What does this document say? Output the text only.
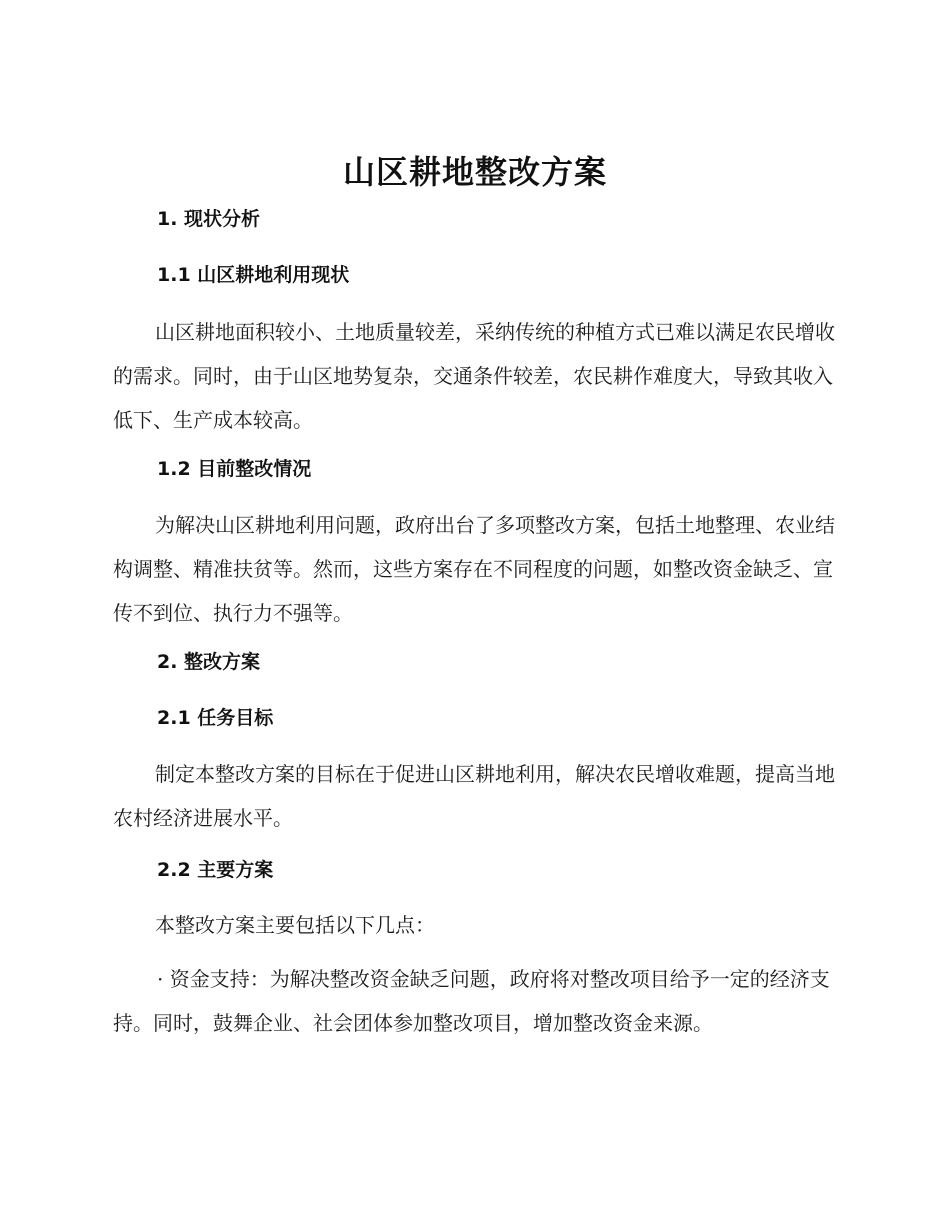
山区耕地整改方案
1. 现状分析
1.1 山区耕地利用现状
山区耕地面积较小、土地质量较差，采纳传统的种植方式已难以满足农民增收的需求。同时，由于山区地势复杂，交通条件较差，农民耕作难度大，导致其收入低下、生产成本较高。
1.2 目前整改情况
为解决山区耕地利用问题，政府出台了多项整改方案，包括土地整理、农业结构调整、精准扶贫等。然而，这些方案存在不同程度的问题，如整改资金缺乏、宣传不到位、执行力不强等。
2. 整改方案
2.1 任务目标
制定本整改方案的目标在于促进山区耕地利用，解决农民增收难题，提高当地农村经济进展水平。
2.2 主要方案
本整改方案主要包括以下几点：
· 资金支持：为解决整改资金缺乏问题，政府将对整改项目给予一定的经济支持。同时，鼓舞企业、社会团体参加整改项目，增加整改资金来源。
